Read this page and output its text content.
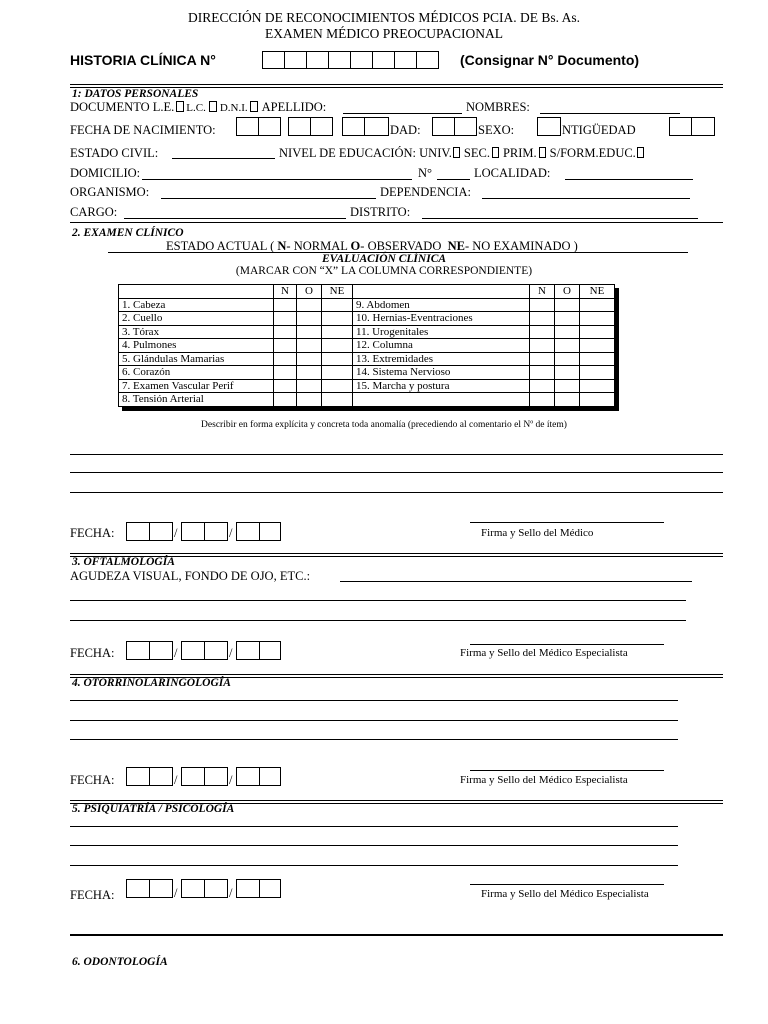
DIRECCIÓN DE RECONOCIMIENTOS MÉDICOS PCIA. DE Bs. As.
EXAMEN MÉDICO PREOCUPACIONAL
HISTORIA CLÍNICA N°	(Consignar N° Documento)
1: DATOS PERSONALES
DOCUMENTO L.E. L.C. D.N.I. APELLIDO:	NOMBRES:
FECHA DE NACIMIENTO:	DAD:	SEXO:	NTIGÜEDAD
ESTADO CIVIL:	NIVEL DE EDUCACIÓN: UNIV. SEC. PRIM. S/FORM.EDUC.
DOMICILIO:	N°	LOCALIDAD:
ORGANISMO:	DEPENDENCIA:
CARGO:	DISTRITO:
2. EXAMEN CLÍNICO
ESTADO ACTUAL ( N- NORMAL O- OBSERVADO NE- NO EXAMINADO )
EVALUACIÓN CLÍNICA
(MARCAR CON “X” LA COLUMNA CORRESPONDIENTE)
	N	O	NE		N	O	NE
1. Cabeza				9. Abdomen			
2. Cuello				10. Hernias-Eventraciones			
3. Tórax				11. Urogenitales			
4. Pulmones				12. Columna			
5. Glándulas Mamarias				13. Extremidades			
6. Corazón				14. Sistema Nervioso			
7. Examen Vascular Perif				15. Marcha y postura			
8. Tensión Arterial							
Describir en forma explícita y concreta toda anomalía (precediendo al comentario el Nº de ítem)
FECHA:	/	/	Firma y Sello del Médico
3. OFTALMOLOGÍA
AGUDEZA VISUAL, FONDO DE OJO, ETC.:
FECHA:	/	/	Firma y Sello del Médico Especialista
4. OTORRINOLARINGOLOGÍA
FECHA:	/	/	Firma y Sello del Médico Especialista
5. PSIQUIATRÍA / PSICOLOGÍA
FECHA:	/	/	Firma y Sello del Médico Especialista
6. ODONTOLOGÍA
